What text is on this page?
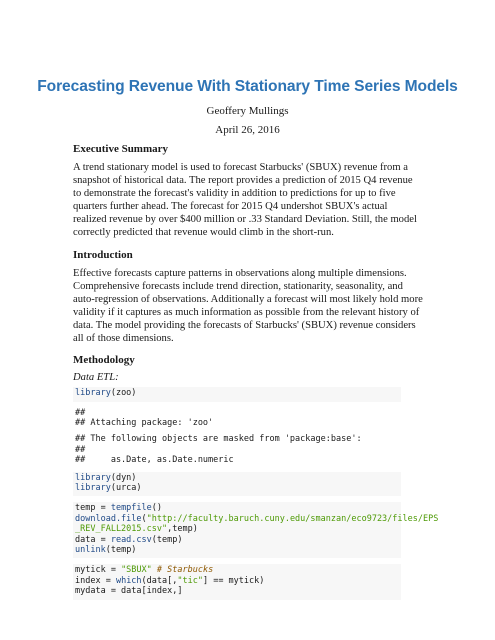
Forecasting Revenue With Stationary Time Series Models
Geoffery Mullings
April 26, 2016
Executive Summary

A trend stationary model is used to forecast Starbucks' (SBUX) revenue from a snapshot of historical data. The report provides a prediction of 2015 Q4 revenue to demonstrate the forecast's validity in addition to predictions for up to five quarters further ahead. The forecast for 2015 Q4 undershot SBUX's actual realized revenue by over $400 million or .33 Standard Deviation. Still, the model correctly predicted that revenue would climb in the short-run.

Introduction

Effective forecasts capture patterns in observations along multiple dimensions. Comprehensive forecasts include trend direction, stationarity, seasonality, and auto-regression of observations. Additionally a forecast will most likely hold more validity if it captures as much information as possible from the relevant history of data. The model providing the forecasts of Starbucks' (SBUX) revenue considers all of those dimensions.

Methodology
Data ETL:
library(zoo)
##
## Attaching package: 'zoo'
## The following objects are masked from 'package:base':
##
##     as.Date, as.Date.numeric
library(dyn)
library(urca)
temp = tempfile()
download.file("http://faculty.baruch.cuny.edu/smanzan/eco9723/files/EPS
_REV_FALL2015.csv",temp)
data = read.csv(temp)
unlink(temp)
mytick = "SBUX" # Starbucks
index = which(data[,"tic"] == mytick)
mydata = data[index,]
